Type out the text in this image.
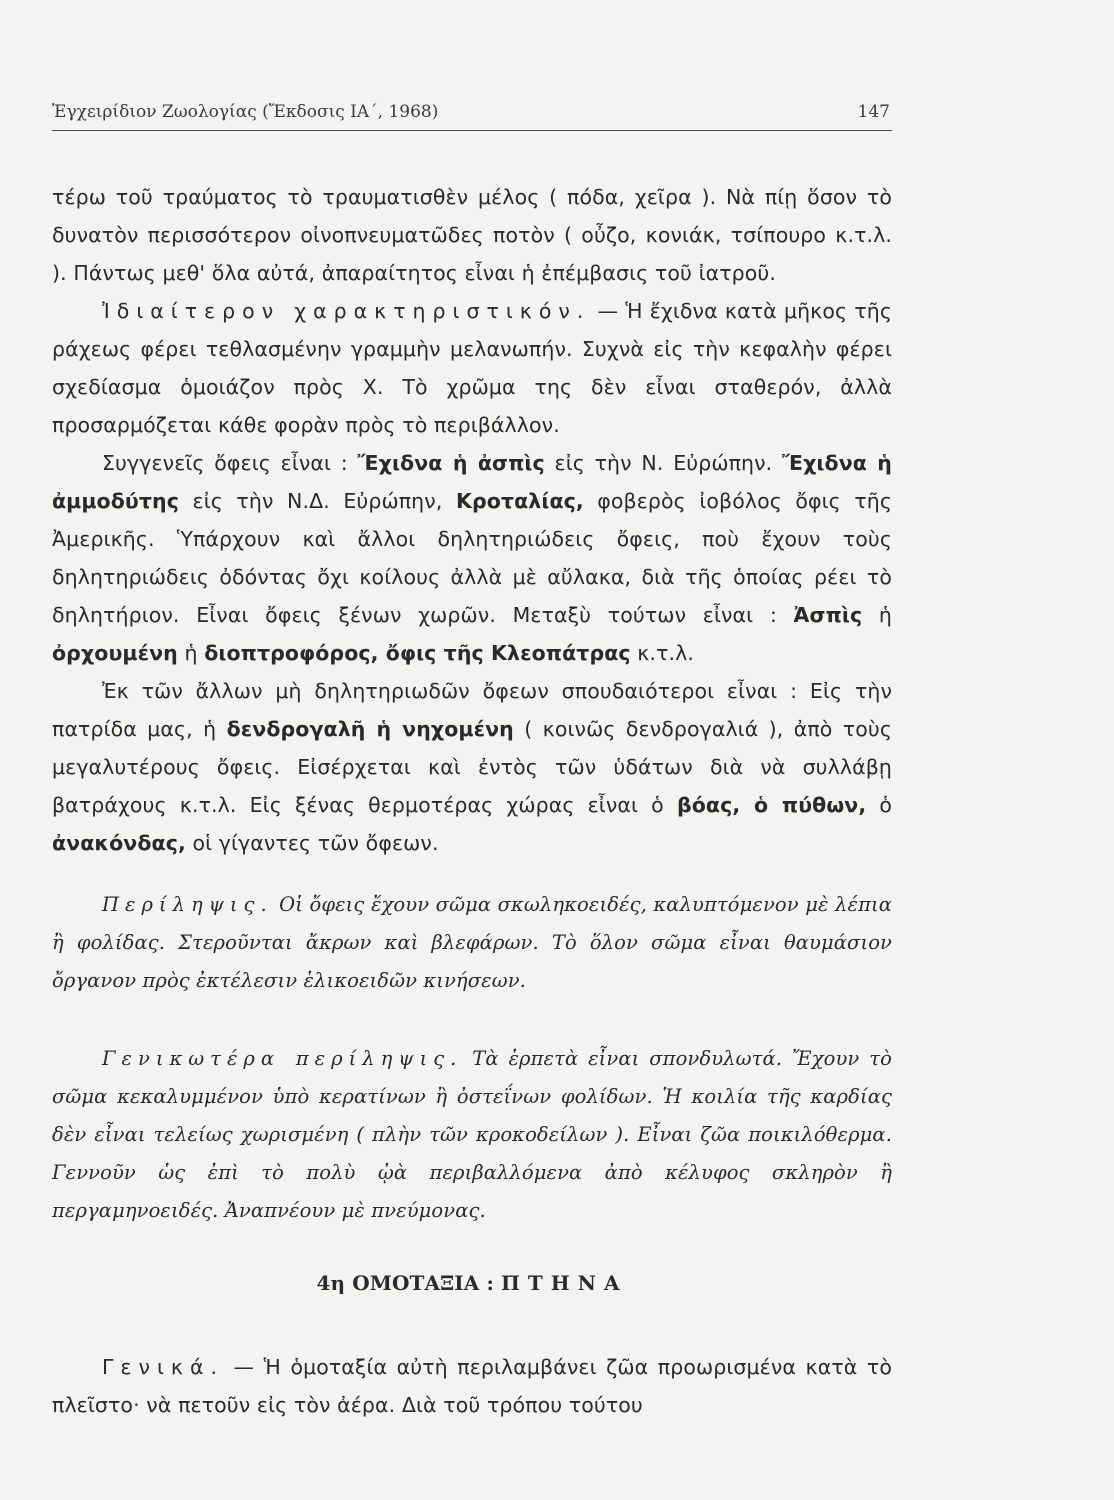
Ἐγχειρίδιον Ζωολογίας (Ἔκδοσις ΙΑ΄, 1968)	147

τέρω τοῦ τραύματος τὸ τραυματισθὲν μέλος ( πόδα, χεῖρα ). Νὰ πίῃ ὅσον τὸ δυνατὸν περισσότερον οἰνοπνευματῶδες ποτὸν ( οὖζο, κονιάκ, τσίπουρο κ.τ.λ. ). Πάντως μεθ' ὅλα αὐτά, ἀπαραίτητος εἶναι ἡ ἐπέμβασις τοῦ ἰατροῦ.

Ἰδιαίτερον χαρακτηριστικόν. — Ἡ ἔχιδνα κατὰ μῆκος τῆς ράχεως φέρει τεθλασμένην γραμμὴν μελανωπήν. Συχνὰ εἰς τὴν κεφαλὴν φέρει σχεδίασμα ὁμοιάζον πρὸς Χ. Τὸ χρῶμα της δὲν εἶναι σταθερόν, ἀλλὰ προσαρμόζεται κάθε φορὰν πρὸς τὸ περιβάλλον.

Συγγενεῖς ὄφεις εἶναι : Ἔχιδνα ἡ ἀσπὶς εἰς τὴν Ν. Εὐρώπην. Ἔχιδνα ἡ ἀμμοδύτης εἰς τὴν Ν.Δ. Εὐρώπην, Κροταλίας, φοβερὸς ἰοβόλος ὄφις τῆς Ἀμερικῆς. Ὑπάρχουν καὶ ἄλλοι δηλητηριώδεις ὄφεις, ποὺ ἔχουν τοὺς δηλητηριώδεις ὀδόντας ὄχι κοίλους ἀλλὰ μὲ αὔλακα, διὰ τῆς ὁποίας ρέει τὸ δηλητήριον. Εἶναι ὄφεις ξένων χωρῶν. Μεταξὺ τούτων εἶναι : Ἀσπὶς ἡ ὀρχουμένη ἡ διοπτροφόρος, ὄφις τῆς Κλεοπάτρας κ.τ.λ.

Ἐκ τῶν ἄλλων μὴ δηλητηριωδῶν ὄφεων σπουδαιότεροι εἶναι : Εἰς τὴν πατρίδα μας, ἡ δενδρογαλῆ ἡ νηχομένη ( κοινῶς δενδρογαλιά ), ἀπὸ τοὺς μεγαλυτέρους ὄφεις. Εἰσέρχεται καὶ ἐντὸς τῶν ὑδάτων διὰ νὰ συλλάβῃ βατράχους κ.τ.λ. Εἰς ξένας θερμοτέρας χώρας εἶναι ὁ βόας, ὁ πύθων, ὁ ἀνακόνδας, οἱ γίγαντες τῶν ὄφεων.

Περίληψις. Οἱ ὄφεις ἔχουν σῶμα σκωληκοειδές, καλυπτόμενον μὲ λέπια ἢ φολίδας. Στεροῦνται ἄκρων καὶ βλεφάρων. Τὸ ὅλον σῶμα εἶναι θαυμάσιον ὄργανον πρὸς ἐκτέλεσιν ἑλικοειδῶν κινήσεων.

Γενικωτέρα περίληψις. Τὰ ἑρπετὰ εἶναι σπονδυλωτά. Ἔχουν τὸ σῶμα κεκαλυμμένον ὑπὸ κερατίνων ἢ ὀστεΐνων φολίδων. Ἡ κοιλία τῆς καρδίας δὲν εἶναι τελείως χωρισμένη ( πλὴν τῶν κροκοδείλων ). Εἶναι ζῶα ποικιλόθερμα. Γεννοῦν ὡς ἐπὶ τὸ πολὺ ᾠὰ περιβαλλόμενα ἀπὸ κέλυφος σκληρὸν ἢ περγαμηνοειδές. Ἀναπνέουν μὲ πνεύμονας.

4η ΟΜΟΤΑΞΙΑ : ΠΤΗΝΑ

Γενικά. — Ἡ ὁμοταξία αὐτὴ περιλαμβάνει ζῶα προωρισμένα κατὰ τὸ πλεῖστο· νὰ πετοῦν εἰς τὸν ἀέρα. Διὰ τοῦ τρόπου τούτου
